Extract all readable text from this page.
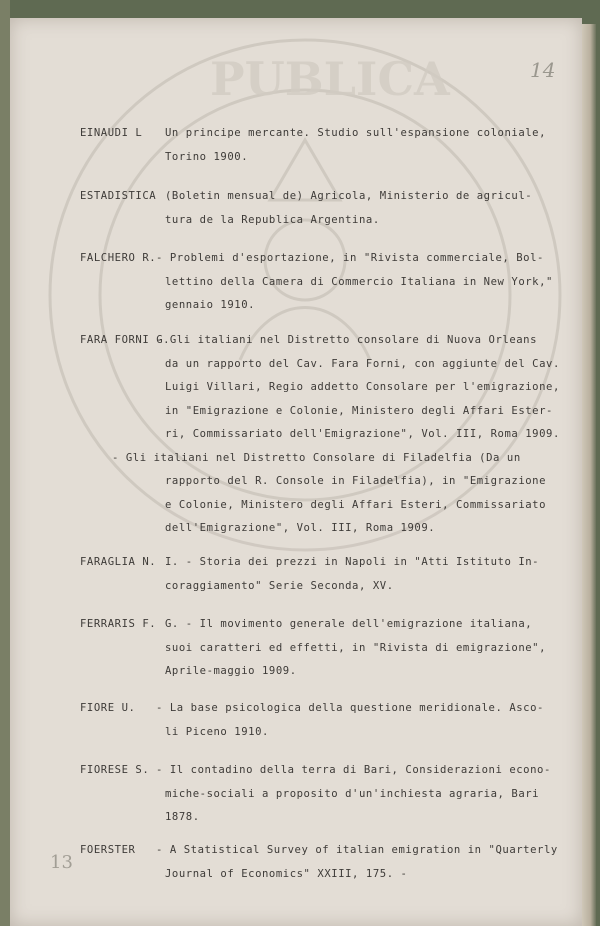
PUBLICA	14
13
EINAUDI L Un principe mercante. Studio sull'espansione coloniale,
Torino 1900.
ESTADISTICA (Boletin mensual de) Agricola, Ministerio de agricul-
tura de la Republica Argentina.
FALCHERO R. - Problemi d'esportazione, in "Rivista commerciale, Bol-
lettino della Camera di Commercio Italiana in New York,"
gennaio 1910.
FARA FORNI G.
- Gli italiani nel Distretto consolare di Nuova Orleans
da un rapporto del Cav. Fara Forni, con aggiunte del Cav.
Luigi Villari, Regio addetto Consolare per l'emigrazione,
in "Emigrazione e Colonie, Ministero degli Affari Ester-
ri, Commissariato dell'Emigrazione", Vol. III, Roma 1909.
- Gli italiani nel Distretto Consolare di Filadelfia (Da un
rapporto del R. Console in Filadelfia), in "Emigrazione
e Colonie, Ministero degli Affari Esteri, Commissariato
dell'Emigrazione", Vol. III, Roma 1909.
FARAGLIA N. I. - Storia dei prezzi in Napoli in "Atti Istituto In-
coraggiamento" Serie Seconda, XV.
FERRARIS F. G. - Il movimento generale dell'emigrazione italiana,
suoi caratteri ed effetti, in "Rivista di emigrazione",
Aprile-maggio 1909.
FIORE U. - La base psicologica della questione meridionale. Asco-
li Piceno 1910.
FIORESE S. - Il contadino della terra di Bari, Considerazioni econo-
miche-sociali a proposito d'un'inchiesta agraria, Bari
1878.
FOERSTER - A Statistical Survey of italian emigration in "Quarterly
Journal of Economics" XXIII, 175. -
